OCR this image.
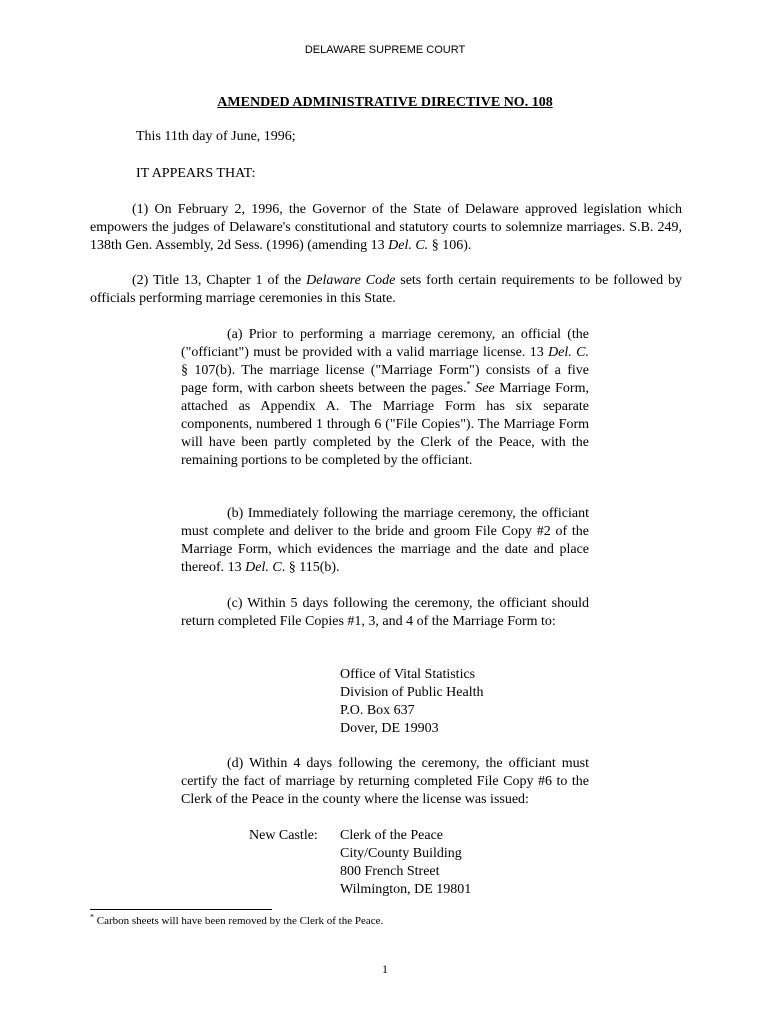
DELAWARE SUPREME COURT
AMENDED ADMINISTRATIVE DIRECTIVE NO. 108
This 11th day of June, 1996;
IT APPEARS THAT:
(1) On February 2, 1996, the Governor of the State of Delaware approved legislation which empowers the judges of Delaware's constitutional and statutory courts to solemnize marriages. S.B. 249, 138th Gen. Assembly, 2d Sess. (1996) (amending 13 Del. C. § 106).
(2) Title 13, Chapter 1 of the Delaware Code sets forth certain requirements to be followed by officials performing marriage ceremonies in this State.
(a) Prior to performing a marriage ceremony, an official (the ("officiant") must be provided with a valid marriage license. 13 Del. C. § 107(b). The marriage license ("Marriage Form") consists of a five page form, with carbon sheets between the pages.* See Marriage Form, attached as Appendix A. The Marriage Form has six separate components, numbered 1 through 6 ("File Copies"). The Marriage Form will have been partly completed by the Clerk of the Peace, with the remaining portions to be completed by the officiant.
(b) Immediately following the marriage ceremony, the officiant must complete and deliver to the bride and groom File Copy #2 of the Marriage Form, which evidences the marriage and the date and place thereof. 13 Del. C. § 115(b).
(c) Within 5 days following the ceremony, the officiant should return completed File Copies #1, 3, and 4 of the Marriage Form to:
Office of Vital Statistics
Division of Public Health
P.O. Box 637
Dover, DE 19903
(d) Within 4 days following the ceremony, the officiant must certify the fact of marriage by returning completed File Copy #6 to the Clerk of the Peace in the county where the license was issued:
New Castle: Clerk of the Peace
City/County Building
800 French Street
Wilmington, DE 19801
* Carbon sheets will have been removed by the Clerk of the Peace.
1
